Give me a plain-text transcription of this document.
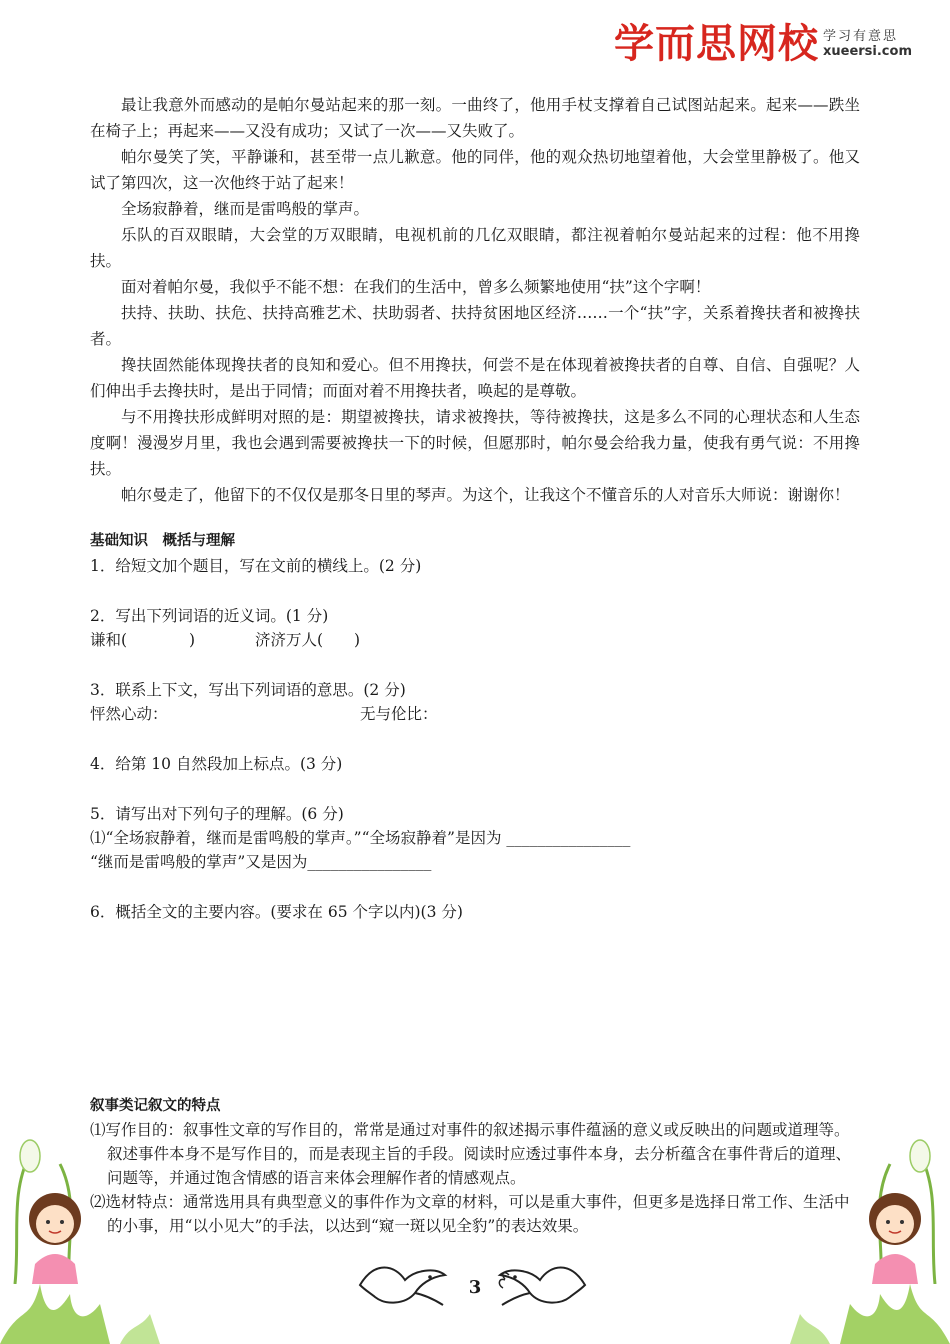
学而思网校 学习有意思
xueersi.com

最让我意外而感动的是帕尔曼站起来的那一刻。一曲终了，他用手杖支撑着自己试图站起来。起来——跌坐在椅子上；再起来——又没有成功；又试了一次——又失败了。

帕尔曼笑了笑，平静谦和，甚至带一点儿歉意。他的同伴，他的观众热切地望着他，大会堂里静极了。他又试了第四次，这一次他终于站了起来！

全场寂静着，继而是雷鸣般的掌声。

乐队的百双眼睛，大会堂的万双眼睛，电视机前的几亿双眼睛，都注视着帕尔曼站起来的过程：他不用搀扶。

面对着帕尔曼，我似乎不能不想：在我们的生活中，曾多么频繁地使用“扶”这个字啊！

扶持、扶助、扶危、扶持高雅艺术、扶助弱者、扶持贫困地区经济……一个“扶”字，关系着搀扶者和被搀扶者。

搀扶固然能体现搀扶者的良知和爱心。但不用搀扶，何尝不是在体现着被搀扶者的自尊、自信、自强呢？人们伸出手去搀扶时，是出于同情；而面对着不用搀扶者，唤起的是尊敬。

与不用搀扶形成鲜明对照的是：期望被搀扶，请求被搀扶，等待被搀扶，这是多么不同的心理状态和人生态度啊！漫漫岁月里，我也会遇到需要被搀扶一下的时候，但愿那时，帕尔曼会给我力量，使我有勇气说：不用搀扶。

帕尔曼走了，他留下的不仅仅是那冬日里的琴声。为这个，让我这个不懂音乐的人对音乐大师说：谢谢你！

基础知识　概括与理解

1．给短文加个题目，写在文前的横线上。(2 分)

2．写出下列词语的近义词。(1 分)

谦和(　　　　)	济济万人(　　)

3．联系上下文，写出下列词语的意思。(2 分)

怦然心动：	无与伦比：

4．给第 10 自然段加上标点。(3 分)

5．请写出对下列句子的理解。(6 分)

⑴“全场寂静着，继而是雷鸣般的掌声。”“全场寂静着”是因为 ________________

“继而是雷鸣般的掌声”又是因为________________

6．概括全文的主要内容。(要求在 65 个字以内)(3 分)

叙事类记叙文的特点

⑴写作目的：叙事性文章的写作目的，常常是通过对事件的叙述揭示事件蕴涵的意义或反映出的问题或道理等。叙述事件本身不是写作目的，而是表现主旨的手段。阅读时应透过事件本身，去分析蕴含在事件背后的道理、问题等，并通过饱含情感的语言来体会理解作者的情感观点。

⑵选材特点：通常选用具有典型意义的事件作为文章的材料，可以是重大事件，但更多是选择日常工作、生活中的小事，用“以小见大”的手法，以达到“窥一斑以见全豹”的表达效果。

3
